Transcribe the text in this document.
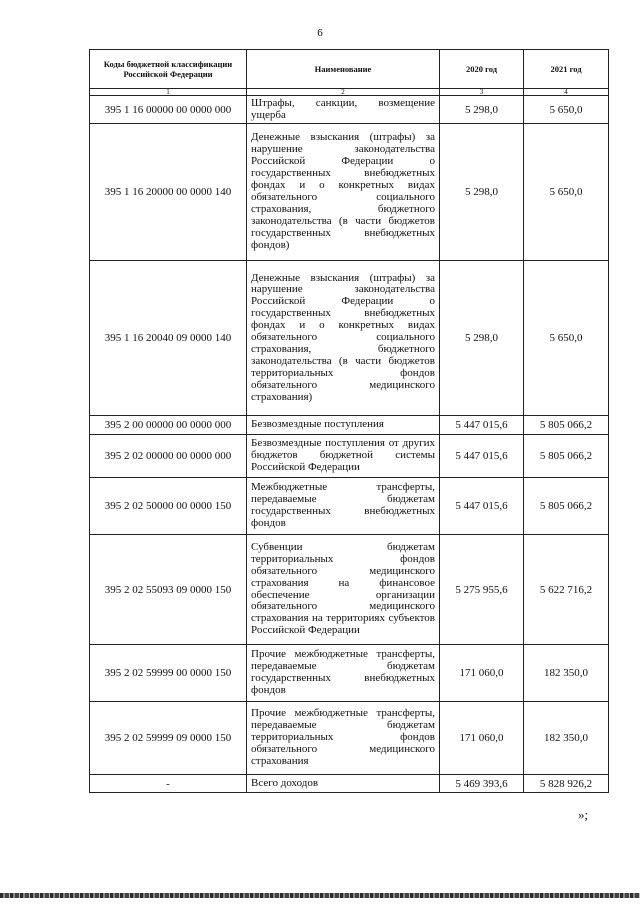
6
Коды бюджетной классификации Российской Федерации	Наименование	2020 год	2021 год
1	2	3	4
395 1 16 00000 00 0000 000	Штрафы, санкции, возмещение ущерба	5 298,0	5 650,0
395 1 16 20000 00 0000 140	Денежные взыскания (штрафы) за нарушение законодательства Российской Федерации о государственных внебюджетных фондах и о конкретных видах обязательного социального страхования, бюджетного законодательства (в части бюджетов государственных внебюджетных фондов)	5 298,0	5 650,0
395 1 16 20040 09 0000 140	Денежные взыскания (штрафы) за нарушение законодательства Российской Федерации о государственных внебюджетных фондах и о конкретных видах обязательного социального страхования, бюджетного законодательства (в части бюджетов территориальных фондов обязательного медицинского страхования)	5 298,0	5 650,0
395 2 00 00000 00 0000 000	Безвозмездные поступления	5 447 015,6	5 805 066,2
395 2 02 00000 00 0000 000	Безвозмездные поступления от других бюджетов бюджетной системы Российской Федерации	5 447 015,6	5 805 066,2
395 2 02 50000 00 0000 150	Межбюджетные трансферты, передаваемые бюджетам государственных внебюджетных фондов	5 447 015,6	5 805 066,2
395 2 02 55093 09 0000 150	Субвенции бюджетам территориальных фондов обязательного медицинского страхования на финансовое обеспечение организации обязательного медицинского страхования на территориях субъектов Российской Федерации	5 275 955,6	5 622 716,2
395 2 02 59999 00 0000 150	Прочие межбюджетные трансферты, передаваемые бюджетам государственных внебюджетных фондов	171 060,0	182 350,0
395 2 02 59999 09 0000 150	Прочие межбюджетные трансферты, передаваемые бюджетам территориальных фондов обязательного медицинского страхования	171 060,0	182 350,0
-	Всего доходов	5 469 393,6	5 828 926,2
»;
